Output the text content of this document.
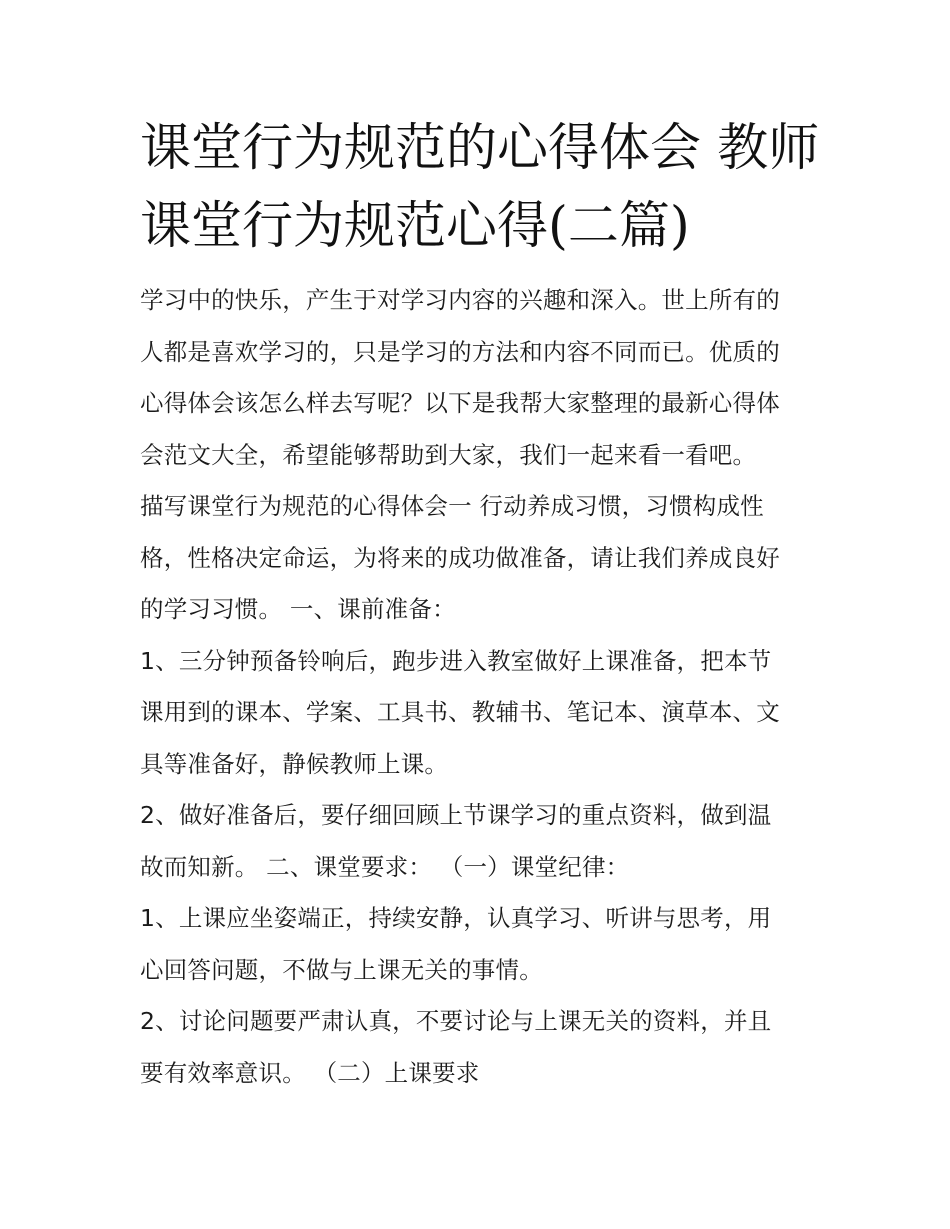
课堂行为规范的心得体会 教师
课堂行为规范心得(二篇)
学习中的快乐，产生于对学习内容的兴趣和深入。世上所有的
人都是喜欢学习的，只是学习的方法和内容不同而已。优质的
心得体会该怎么样去写呢？以下是我帮大家整理的最新心得体
会范文大全，希望能够帮助到大家，我们一起来看一看吧。
描写课堂行为规范的心得体会一 行动养成习惯，习惯构成性
格，性格决定命运，为将来的成功做准备，请让我们养成良好
的学习习惯。 一、课前准备：
1、三分钟预备铃响后，跑步进入教室做好上课准备，把本节
课用到的课本、学案、工具书、教辅书、笔记本、演草本、文
具等准备好，静候教师上课。
2、做好准备后，要仔细回顾上节课学习的重点资料，做到温
故而知新。 二、课堂要求： （一）课堂纪律：
1、上课应坐姿端正，持续安静，认真学习、听讲与思考，用
心回答问题，不做与上课无关的事情。
2、讨论问题要严肃认真，不要讨论与上课无关的资料，并且
要有效率意识。 （二）上课要求
